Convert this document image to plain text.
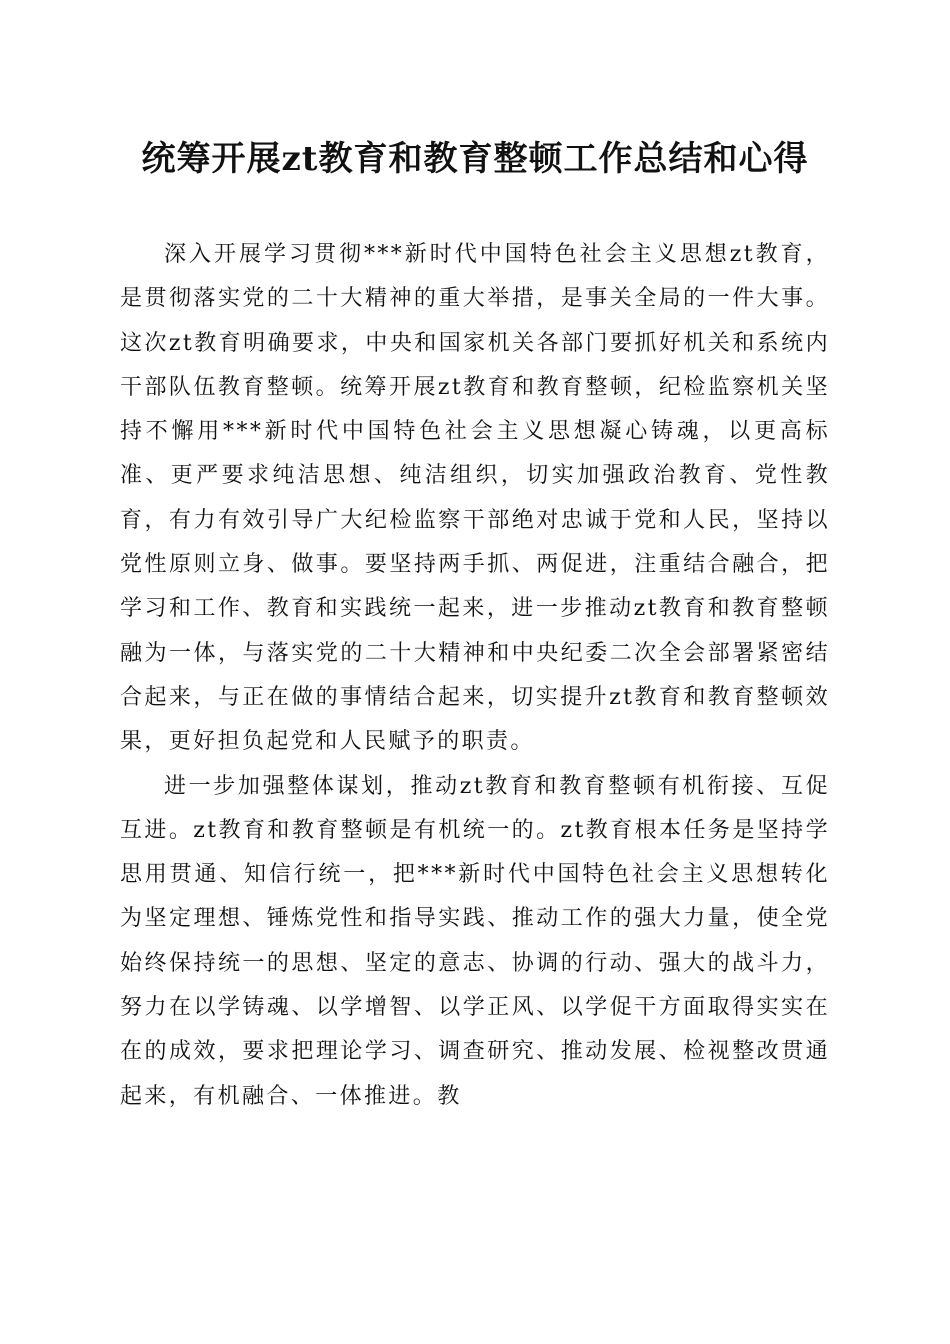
统筹开展zt教育和教育整顿工作总结和心得

深入开展学习贯彻***新时代中国特色社会主义思想zt教育，是贯彻落实党的二十大精神的重大举措，是事关全局的一件大事。这次zt教育明确要求，中央和国家机关各部门要抓好机关和系统内干部队伍教育整顿。统筹开展zt教育和教育整顿，纪检监察机关坚持不懈用***新时代中国特色社会主义思想凝心铸魂，以更高标准、更严要求纯洁思想、纯洁组织，切实加强政治教育、党性教育，有力有效引导广大纪检监察干部绝对忠诚于党和人民，坚持以党性原则立身、做事。要坚持两手抓、两促进，注重结合融合，把学习和工作、教育和实践统一起来，进一步推动zt教育和教育整顿融为一体，与落实党的二十大精神和中央纪委二次全会部署紧密结合起来，与正在做的事情结合起来，切实提升zt教育和教育整顿效果，更好担负起党和人民赋予的职责。

进一步加强整体谋划，推动zt教育和教育整顿有机衔接、互促互进。zt教育和教育整顿是有机统一的。zt教育根本任务是坚持学思用贯通、知信行统一，把***新时代中国特色社会主义思想转化为坚定理想、锤炼党性和指导实践、推动工作的强大力量，使全党始终保持统一的思想、坚定的意志、协调的行动、强大的战斗力，努力在以学铸魂、以学增智、以学正风、以学促干方面取得实实在在的成效，要求把理论学习、调查研究、推动发展、检视整改贯通起来，有机融合、一体推进。教
